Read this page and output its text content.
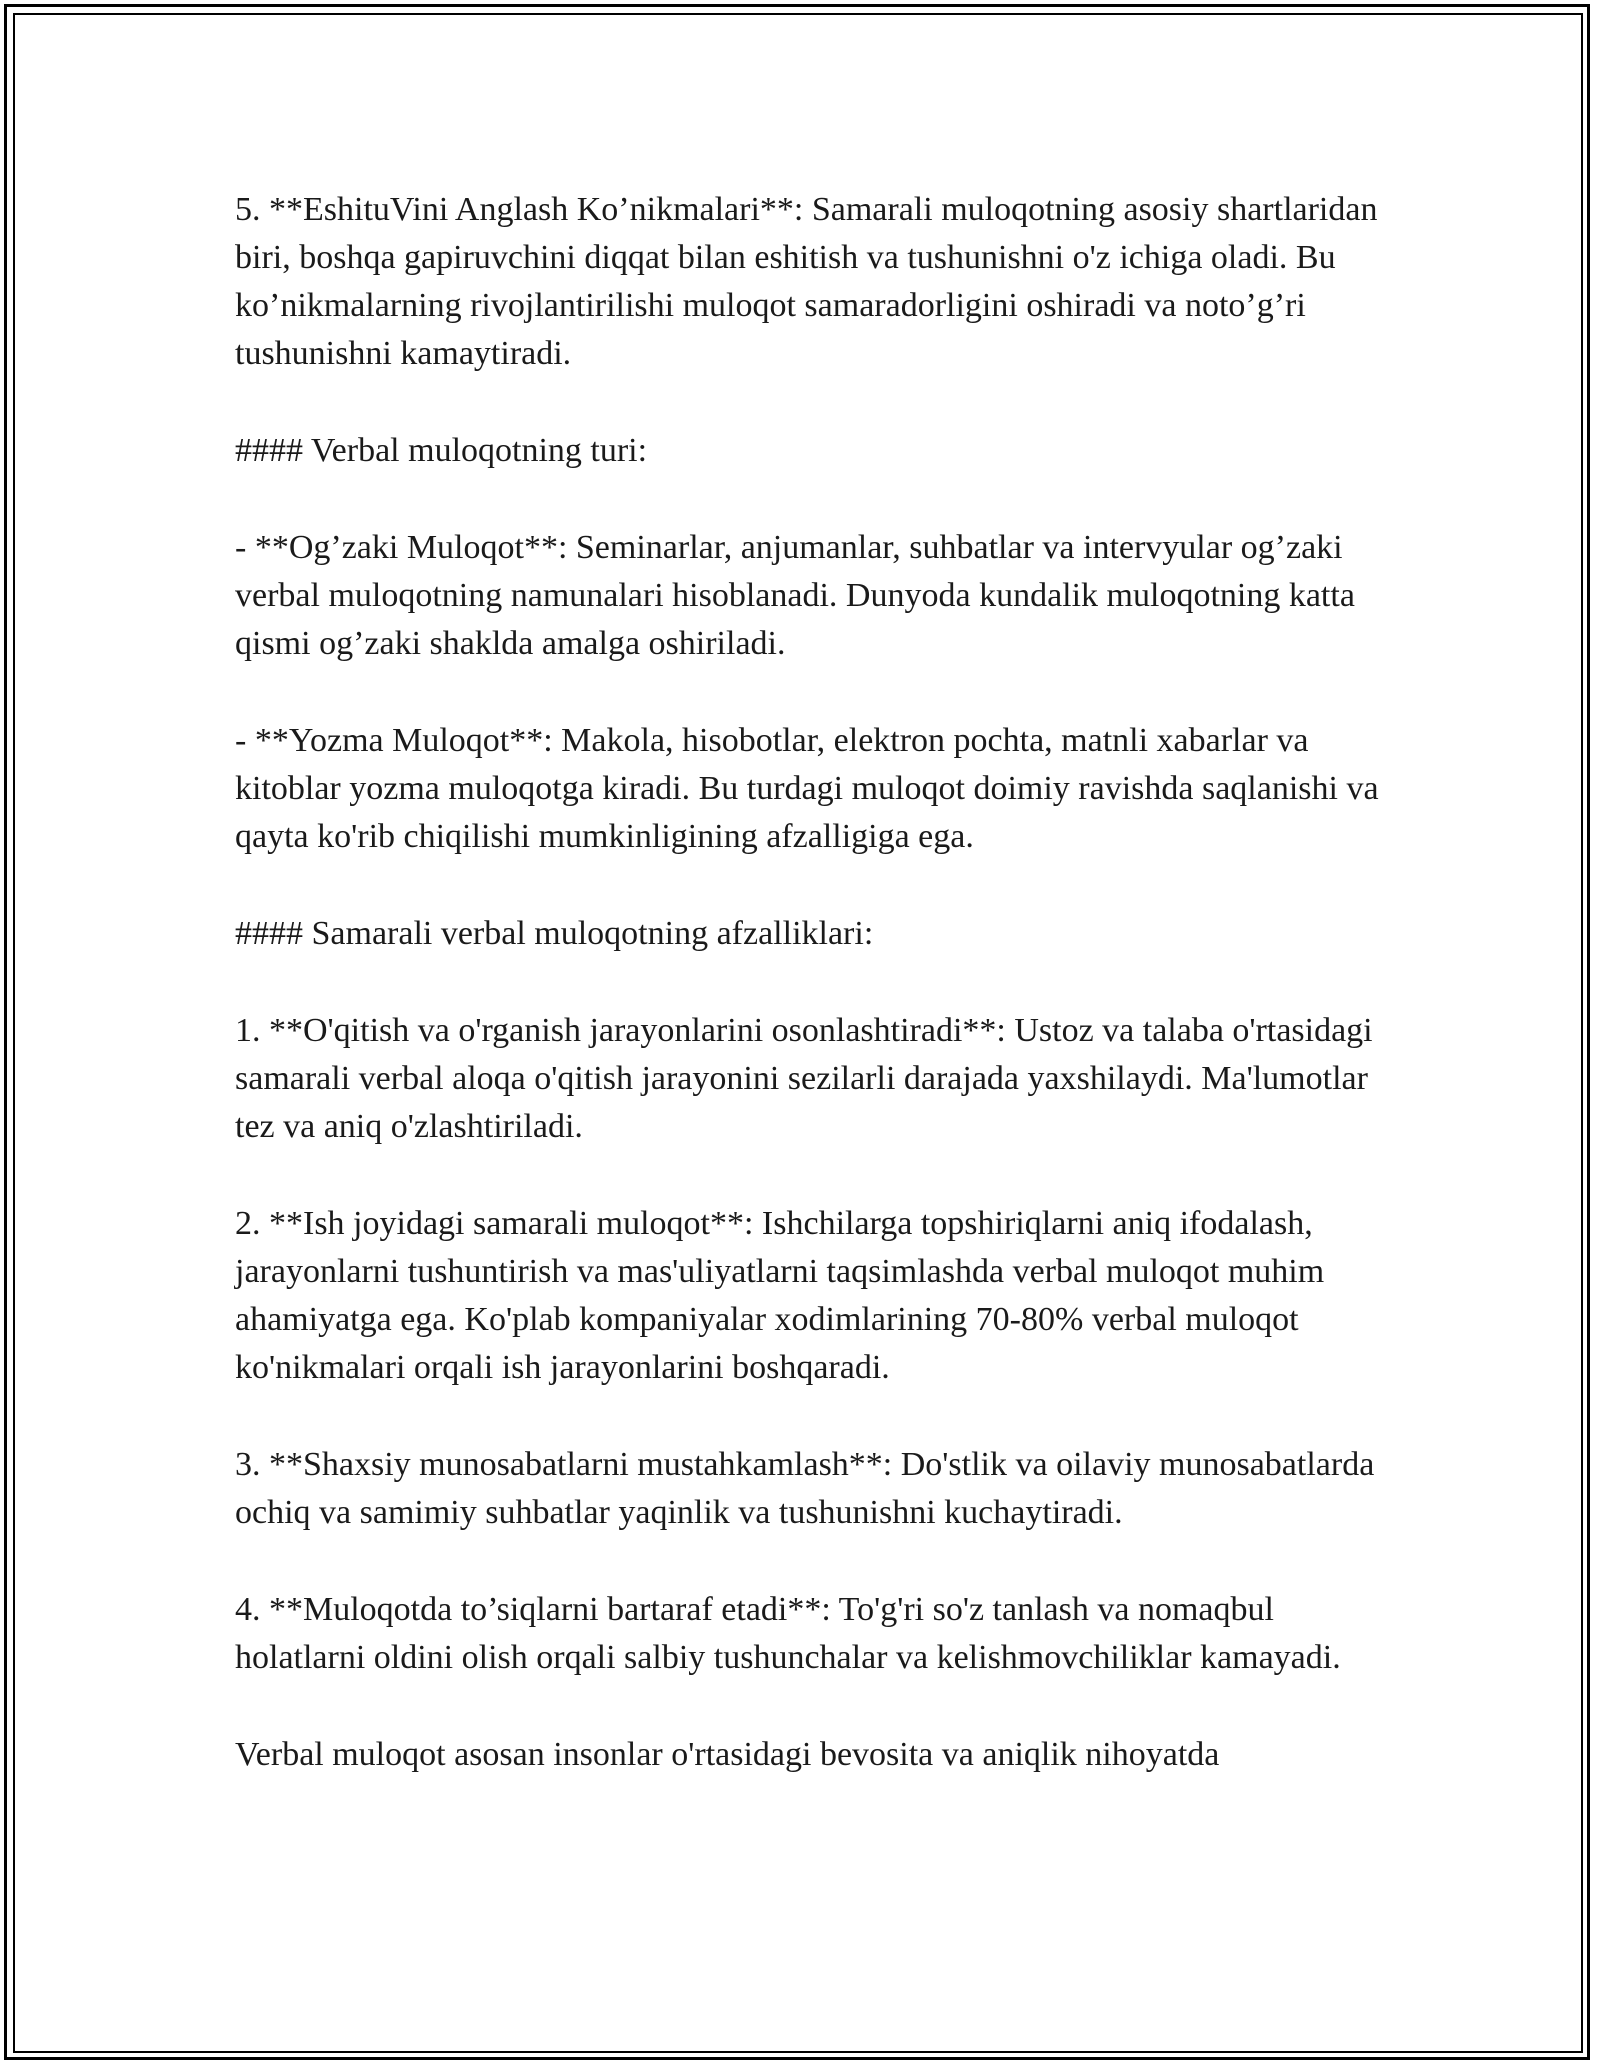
5. **EshituVini Anglash Ko’nikmalari**: Samarali muloqotning asosiy shartlaridan biri, boshqa gapiruvchini diqqat bilan eshitish va tushunishni o'z ichiga oladi. Bu ko’nikmalarning rivojlantirilishi muloqot samaradorligini oshiradi va noto’g’ri tushunishni kamaytiradi.

#### Verbal muloqotning turi:

- **Og’zaki Muloqot**: Seminarlar, anjumanlar, suhbatlar va intervyular og’zaki verbal muloqotning namunalari hisoblanadi. Dunyoda kundalik muloqotning katta qismi og’zaki shakldа amalga oshiriladi.

- **Yozma Muloqot**: Makola, hisobotlar, elektron pochta, matnli xabarlar va kitoblar yozma muloqotga kiradi. Bu turdagi muloqot doimiy ravishda saqlanishi va qayta ko'rib chiqilishi mumkinligining afzalligiga ega.

#### Samarali verbal muloqotning afzalliklari:

1. **O'qitish va o'rganish jarayonlarini osonlashtiradi**: Ustoz va talaba o'rtasidagi samarali verbal aloqa o'qitish jarayonini sezilarli darajada yaxshilaydi. Ma'lumotlar tez va aniq o'zlashtiriladi.

2. **Ish joyidagi samarali muloqot**: Ishchilarga topshiriqlarni aniq ifodalash, jarayonlarni tushuntirish va mas'uliyatlarni taqsimlashda verbal muloqot muhim ahamiyatga ega. Ko'plab kompaniyalar xodimlarining 70-80% verbal muloqot ko'nikmalari orqali ish jarayonlarini boshqaradi.

3. **Shaxsiy munosabatlarni mustahkamlash**: Do'stlik va oilaviy munosabatlarda ochiq va samimiy suhbatlar yaqinlik va tushunishni kuchaytiradi.

4. **Muloqotda to’siqlarni bartaraf etadi**: To'g'ri so'z tanlash va nomaqbul holatlarni oldini olish orqali salbiy tushunchalar va kelishmovchiliklar kamayadi.

Verbal muloqot asosan insonlar o'rtasidagi bevosita va aniqlik nihoyatda
